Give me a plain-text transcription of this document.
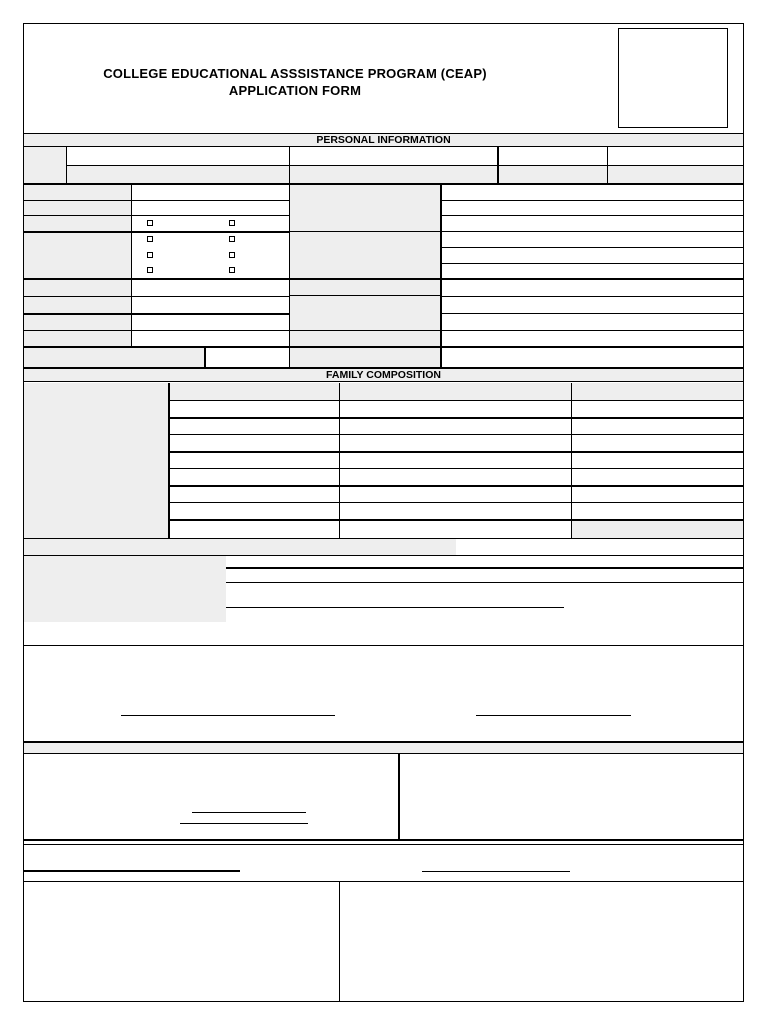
COLLEGE EDUCATIONAL ASSSISTANCE PROGRAM (CEAP)
APPLICATION FORM
PERSONAL INFORMATION
FAMILY COMPOSITION
